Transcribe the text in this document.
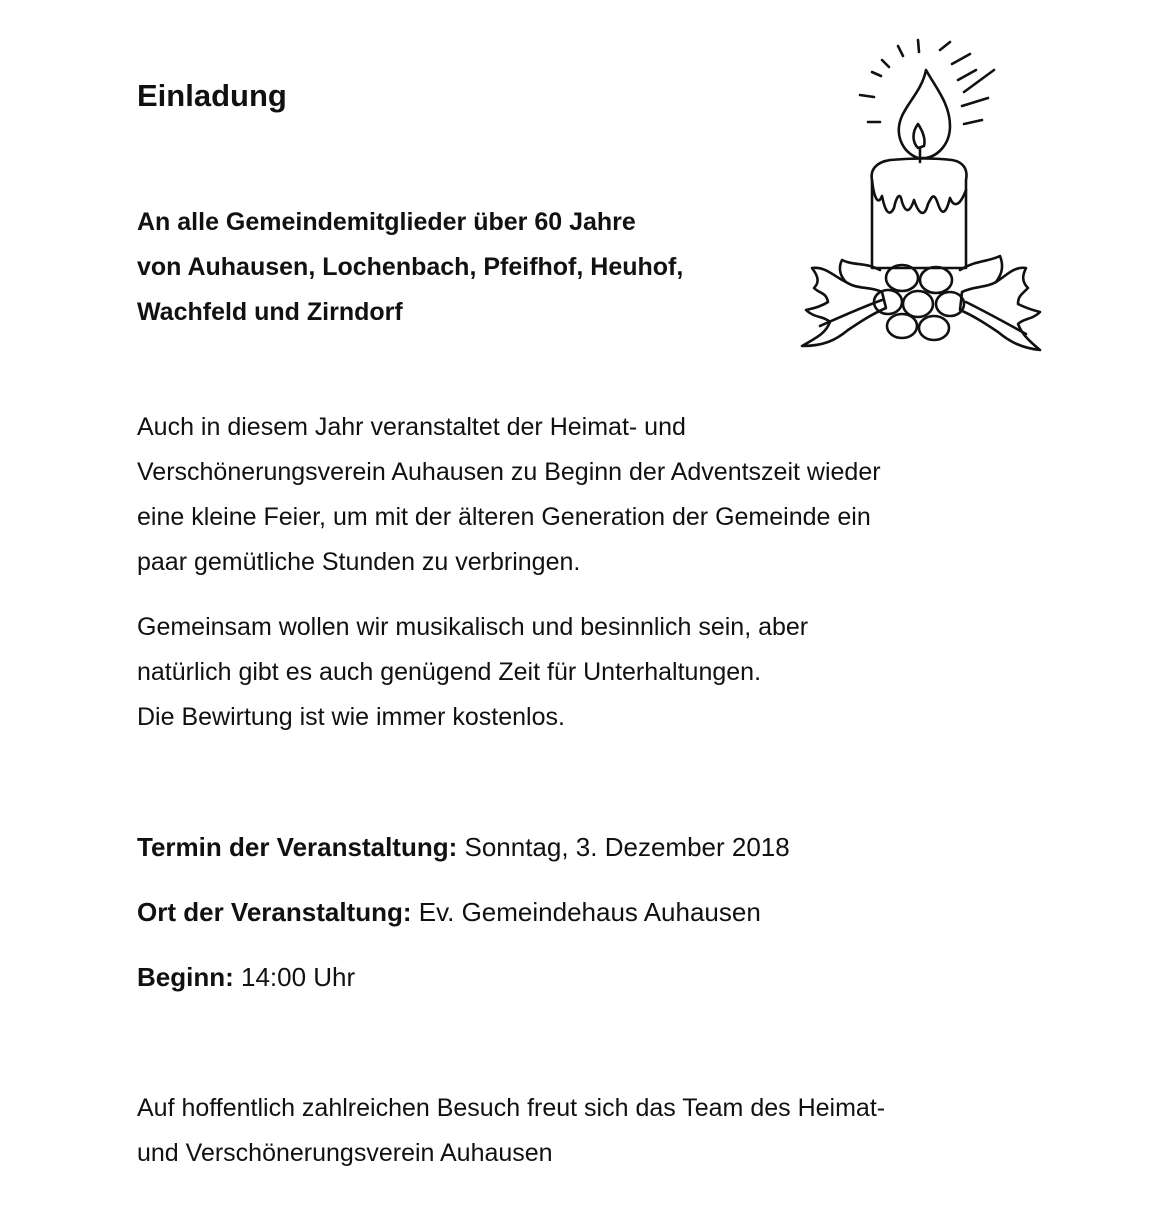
Einladung
An alle Gemeindemitglieder über 60 Jahre
von Auhausen, Lochenbach, Pfeifhof, Heuhof,
Wachfeld und Zirndorf
Auch in diesem Jahr veranstaltet der Heimat- und
Verschönerungsverein Auhausen zu Beginn der Adventszeit wieder
eine kleine Feier, um mit der älteren Generation der Gemeinde ein
paar gemütliche Stunden zu verbringen.
Gemeinsam wollen wir musikalisch und besinnlich sein, aber
natürlich gibt es auch genügend Zeit für Unterhaltungen.
Die Bewirtung ist wie immer kostenlos.
Termin der Veranstaltung: Sonntag, 3. Dezember 2018
Ort der Veranstaltung: Ev. Gemeindehaus Auhausen
Beginn: 14:00 Uhr
Auf hoffentlich zahlreichen Besuch freut sich das Team des Heimat-
und Verschönerungsverein Auhausen
